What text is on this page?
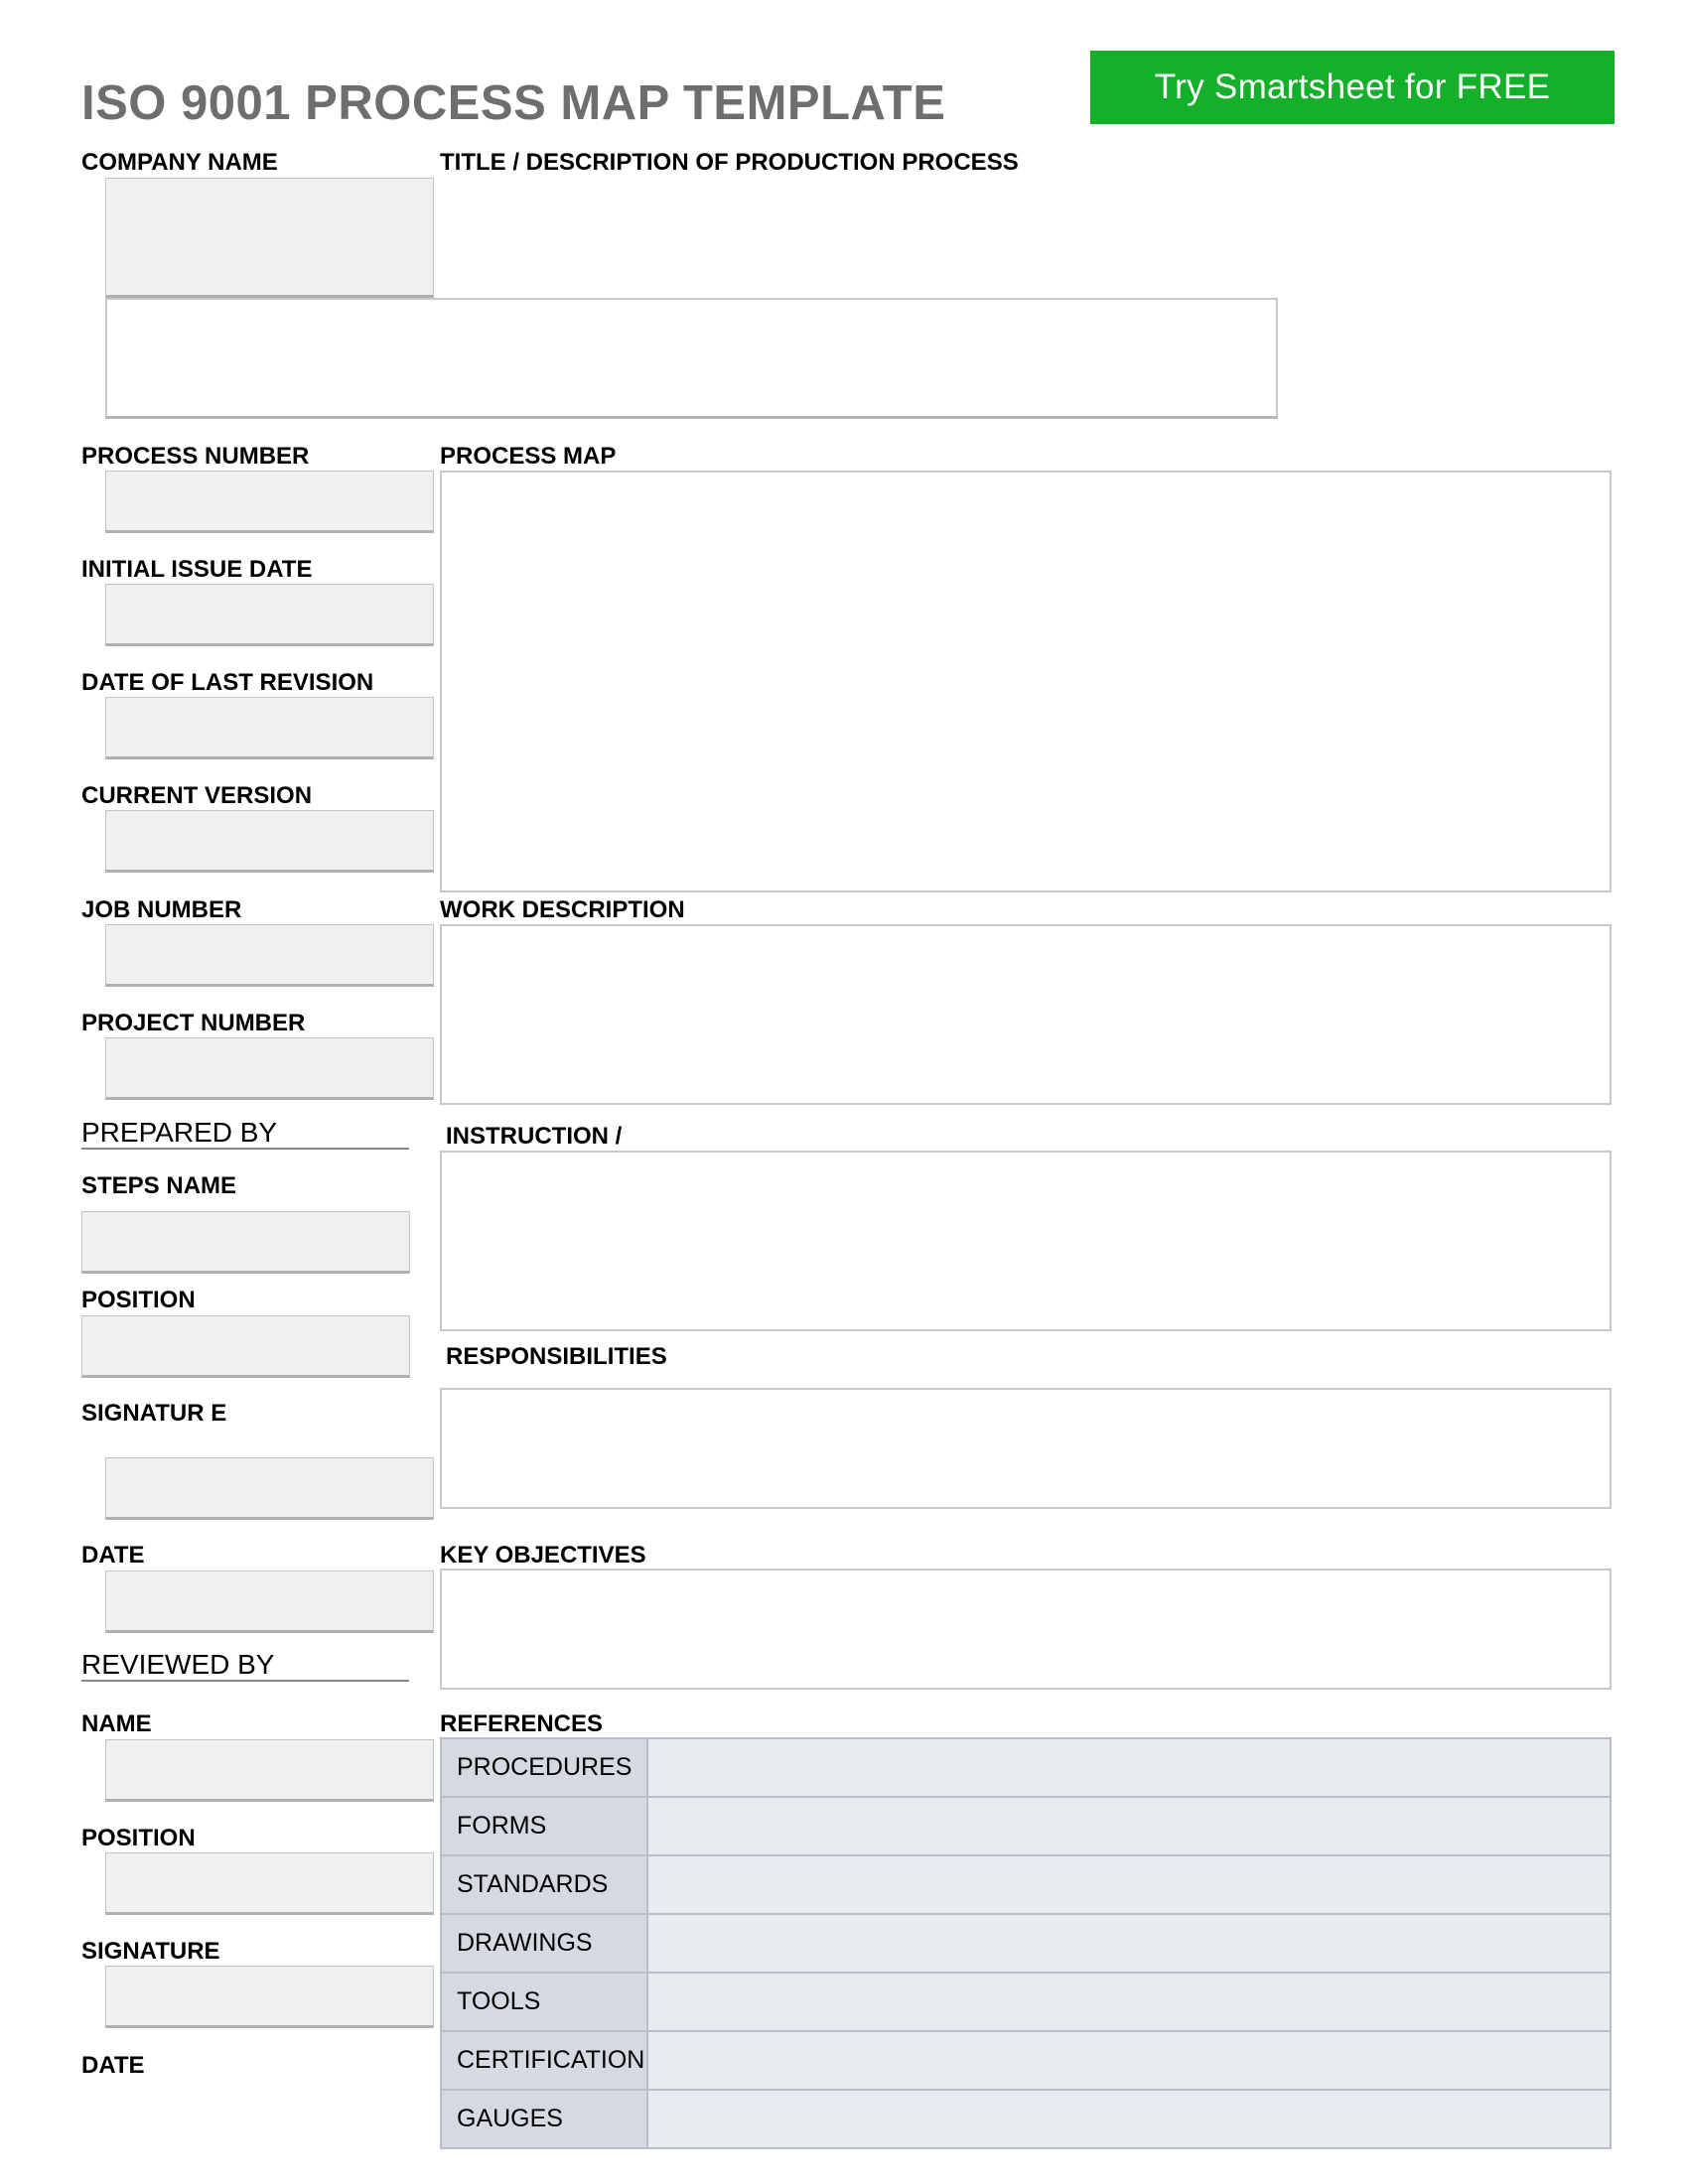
ISO 9001 PROCESS MAP TEMPLATE	Try Smartsheet for FREE
COMPANY NAME	TITLE / DESCRIPTION OF PRODUCTION PROCESS
PROCESS NUMBER
INITIAL ISSUE DATE
DATE OF LAST REVISION
CURRENT VERSION
JOB NUMBER
PROJECT NUMBER
PREPARED BY
STEPS NAME
POSITION
SIGNATUR E
DATE
REVIEWED BY
NAME
POSITION
SIGNATURE
DATE
PROCESS MAP
WORK DESCRIPTION
INSTRUCTION /
RESPONSIBILITIES
KEY OBJECTIVES
REFERENCES
PROCEDURES	
FORMS	
STANDARDS	
DRAWINGS	
TOOLS	
CERTIFICATION	
GAUGES	
